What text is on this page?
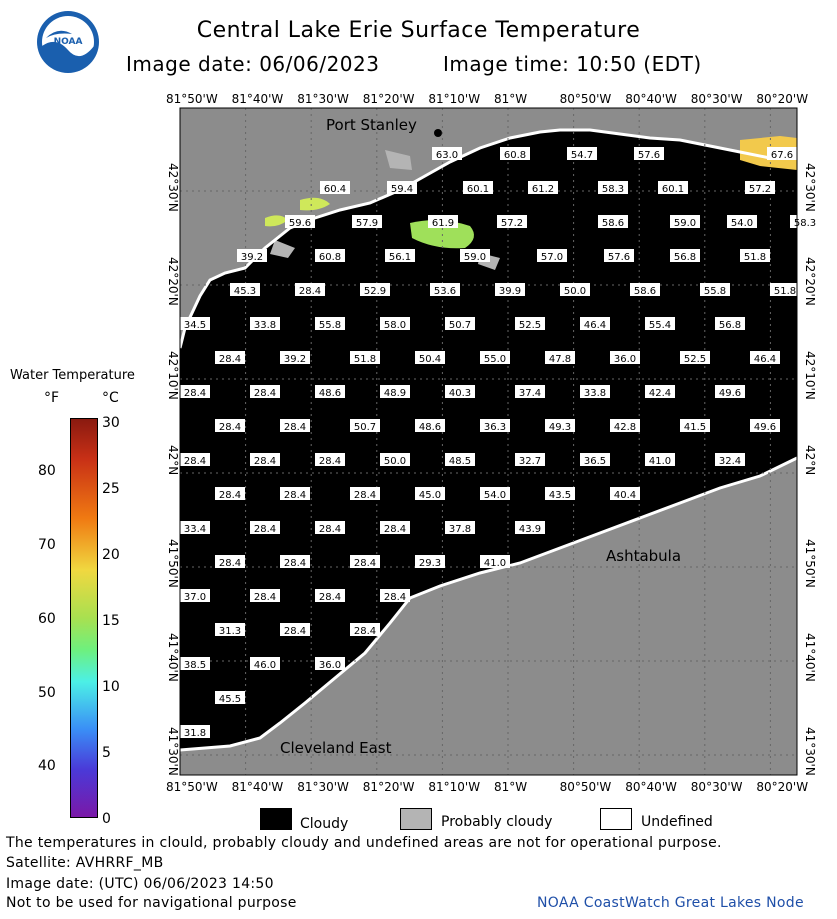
NOAA	Central Lake Erie Surface Temperature
Image date: 06/06/2023	Image time: 10:50 (EDT)
63.0	60.8	54.7	57.6	67.6
60.4	59.4	60.1	61.2	58.3	60.1	57.2
59.6	57.9	61.9	57.2	58.6	59.0	54.0	58.3
39.2	60.8	56.1	59.0	57.0	57.6	56.8	51.8
45.3	28.4	52.9	53.6	39.9	50.0	58.6	55.8	51.8
34.5	33.8	55.8	58.0	50.7	52.5	46.4	55.4	56.8
28.4	39.2	51.8	50.4	55.0	47.8	36.0	52.5	46.4
28.4	28.4	48.6	48.9	40.3	37.4	33.8	42.4	49.6
28.4	28.4	50.7	48.6	36.3	49.3	42.8	41.5	49.6
28.4	28.4	28.4	50.0	48.5	32.7	36.5	41.0	32.4
28.4	28.4	28.4	45.0	54.0	43.5	40.4
33.4	28.4	28.4	28.4	37.8	43.9
28.4	28.4	28.4	29.3	41.0
37.0	28.4	28.4	28.4
31.3	28.4	28.4
38.5	46.0	36.0
45.5
31.8
Port Stanley
Ashtabula
Cleveland East
81°50'W 81°40'W 81°30'W 81°20'W 81°10'W 81°W	80°50'W 80°40'W 80°30'W 80°20'W
81°50'W 81°40'W 81°30'W 81°20'W 81°10'W 81°W	80°50'W 80°40'W 80°30'W 80°20'W
41°30'N
41°40'N
41°50'N
42°N
42°10'N
42°20'N
42°30'N
41°30'N
41°40'N
41°50'N
42°N
42°10'N
42°20'N
42°30'N
Water Temperature
°F	°C
80
70
60
50
40
30
25
20
15
10
5
0	Cloudy	Probably cloudy	Undefined
The temperatures in clould, probably cloudy and undefined areas are not for operational purpose.
Satellite: AVHRRF_MB
Image date: (UTC) 06/06/2023 14:50
Not to be used for navigational purpose	NOAA CoastWatch Great Lakes Node
